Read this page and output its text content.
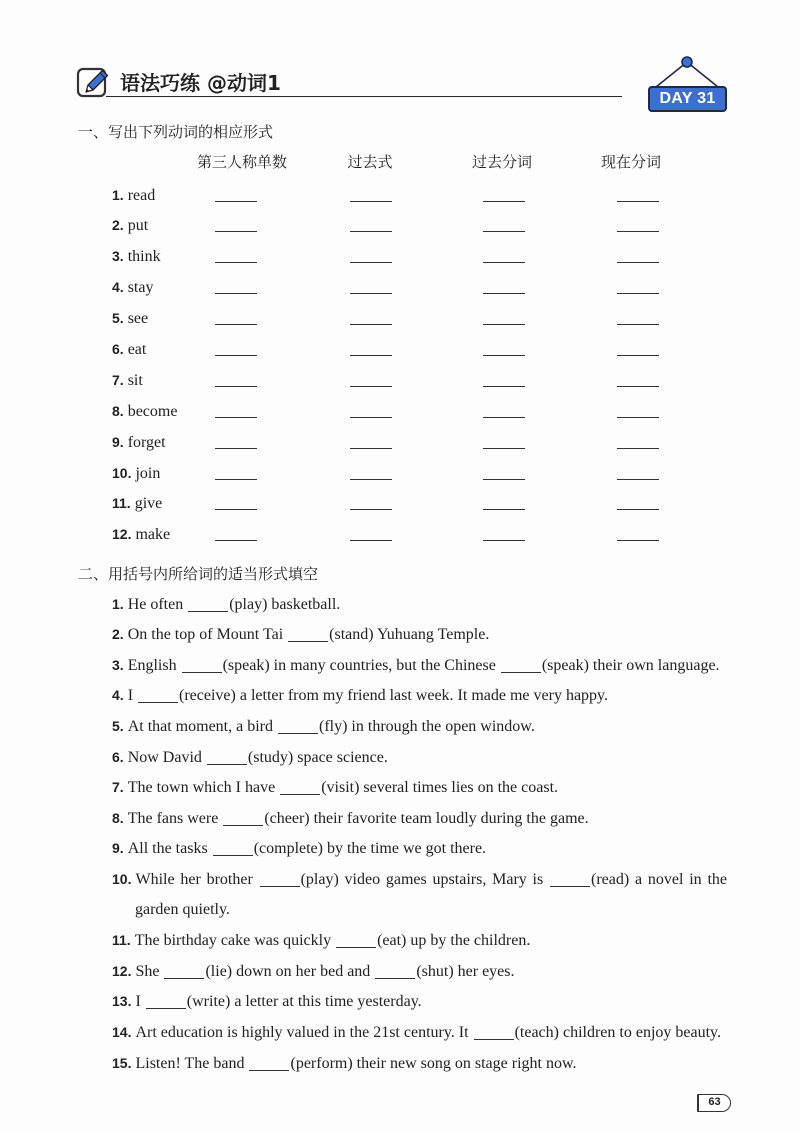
语法巧练 @动词1
DAY 31
一、写出下列动词的相应形式
第三人称单数	过去式	过去分词	现在分词
1. read
2. put
3. think
4. stay
5. see
6. eat
7. sit
8. become
9. forget
10. join
11. give
12. make
二、用括号内所给词的适当形式填空
1. He often	(play) basketball.
2. On the top of Mount Tai	(stand) Yuhuang Temple.
3. English	(speak) in many countries, but the Chinese	(speak) their own language.
4. I	(receive) a letter from my friend last week. It made me very happy.
5. At that moment, a bird	(fly) in through the open window.
6. Now David	(study) space science.
7. The town which I have	(visit) several times lies on the coast.
8. The fans were	(cheer) their favorite team loudly during the game.
9. All the tasks	(complete) by the time we got there.
10. While her brother	(play) video games upstairs, Mary is	(read) a novel in the
garden quietly.
11. The birthday cake was quickly	(eat) up by the children.
12. She	(lie) down on her bed and	(shut) her eyes.
13. I	(write) a letter at this time yesterday.
14. Art education is highly valued in the 21st century. It	(teach) children to enjoy beauty.
15. Listen! The band	(perform) their new song on stage right now.
63
